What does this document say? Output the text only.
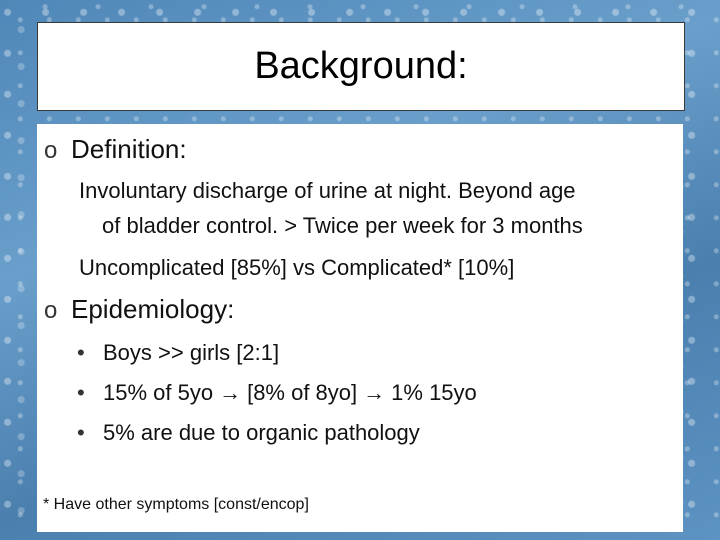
Background:
o Definition:
Involuntary discharge of urine at night. Beyond age
of bladder control. > Twice per week for 3 months
Uncomplicated [85%] vs Complicated* [10%]
o Epidemiology:
• Boys >> girls [2:1]
• 15% of 5yo → [8% of 8yo] → 1% 15yo
• 5% are due to organic pathology
* Have other symptoms [const/encop]
